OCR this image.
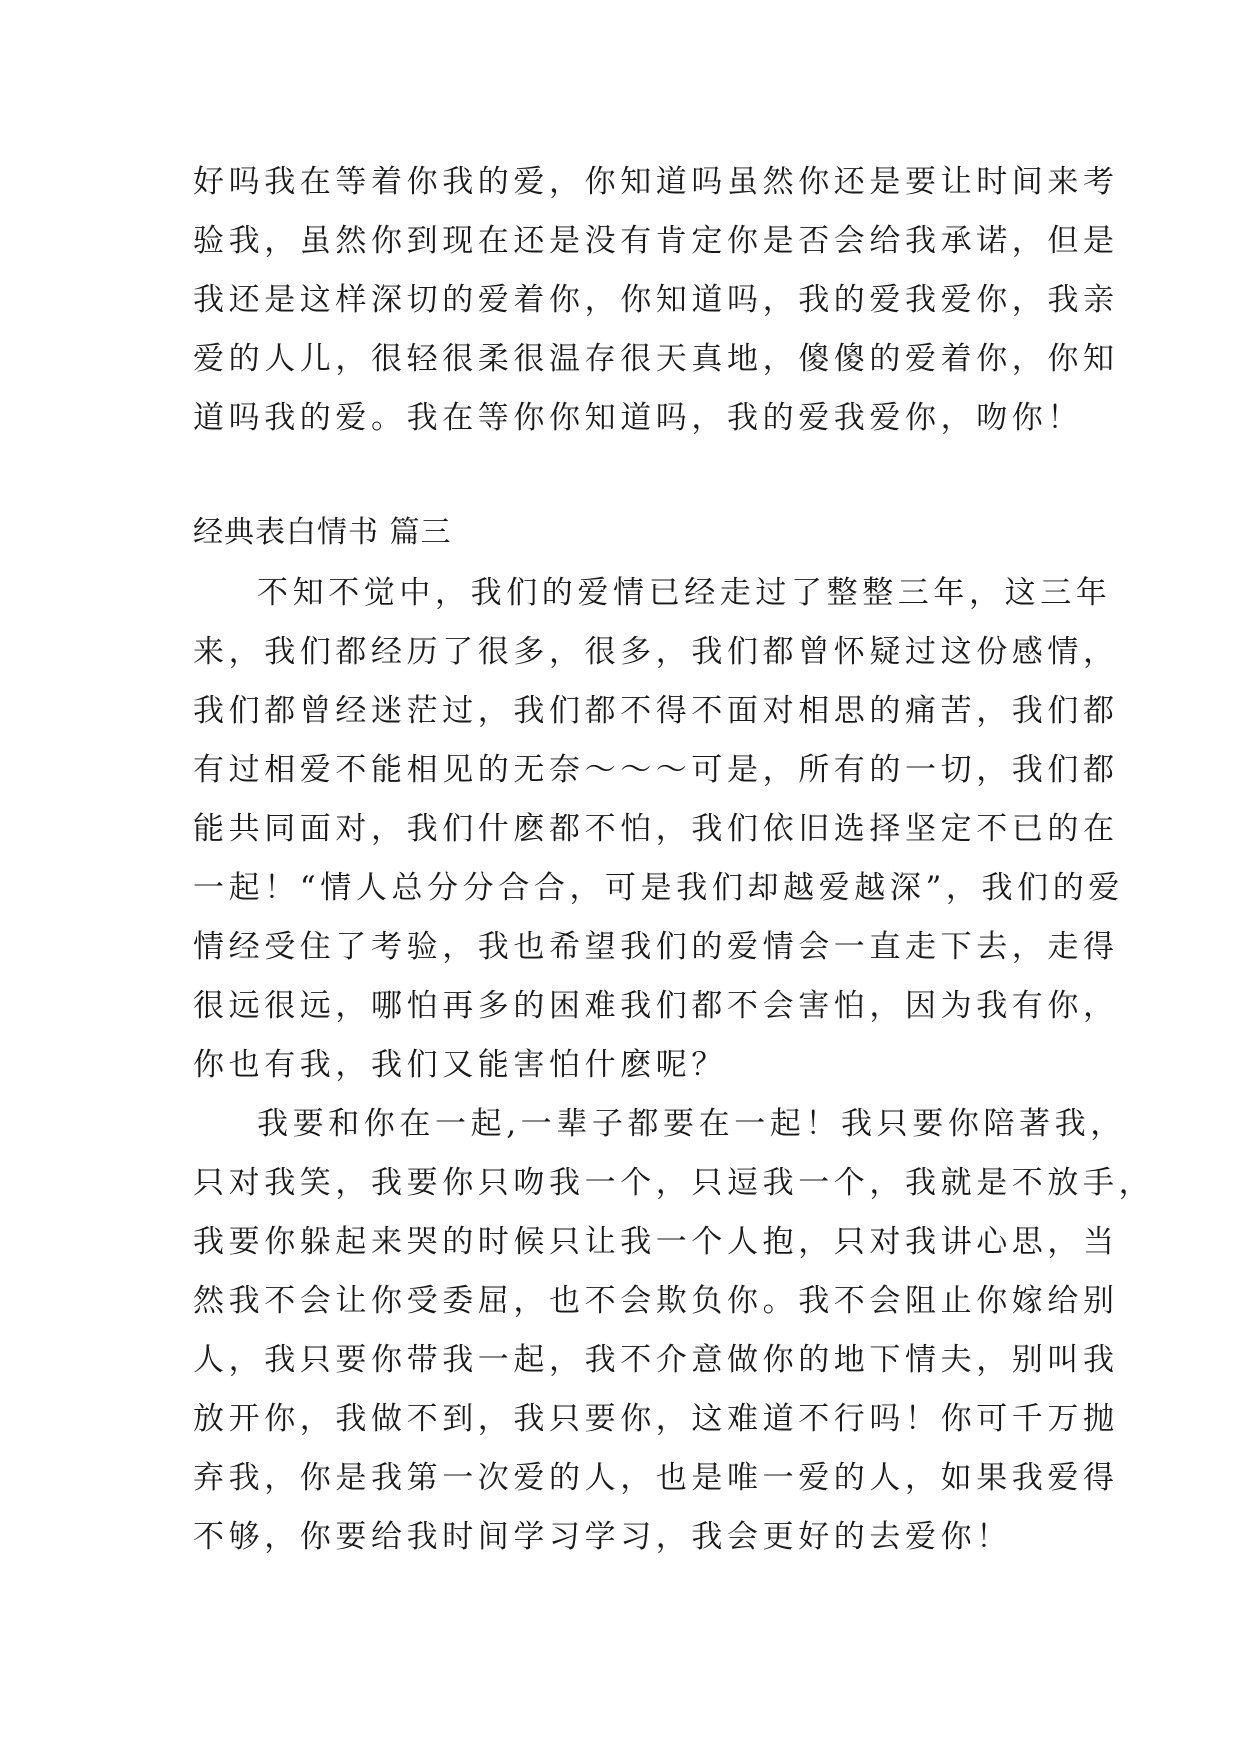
好吗我在等着你我的爱，你知道吗虽然你还是要让时间来考
验我，虽然你到现在还是没有肯定你是否会给我承诺，但是
我还是这样深切的爱着你，你知道吗，我的爱我爱你，我亲
爱的人儿，很轻很柔很温存很天真地，傻傻的爱着你，你知
道吗我的爱。我在等你你知道吗，我的爱我爱你，吻你！
经典表白情书 篇三
不知不觉中，我们的爱情已经走过了整整三年，这三年
来，我们都经历了很多，很多，我们都曾怀疑过这份感情，
我们都曾经迷茫过，我们都不得不面对相思的痛苦，我们都
有过相爱不能相见的无奈～～～可是，所有的一切，我们都
能共同面对，我们什麽都不怕，我们依旧选择坚定不已的在
一起！“情人总分分合合，可是我们却越爱越深”，我们的爱
情经受住了考验，我也希望我们的爱情会一直走下去，走得
很远很远，哪怕再多的困难我们都不会害怕，因为我有你，
你也有我，我们又能害怕什麽呢？
我要和你在一起,一辈子都要在一起！我只要你陪著我，
只对我笑，我要你只吻我一个，只逗我一个，我就是不放手，
我要你躲起来哭的时候只让我一个人抱，只对我讲心思，当
然我不会让你受委屈，也不会欺负你。我不会阻止你嫁给别
人，我只要你带我一起，我不介意做你的地下情夫，别叫我
放开你，我做不到，我只要你，这难道不行吗！你可千万抛
弃我，你是我第一次爱的人，也是唯一爱的人，如果我爱得
不够，你要给我时间学习学习，我会更好的去爱你！
